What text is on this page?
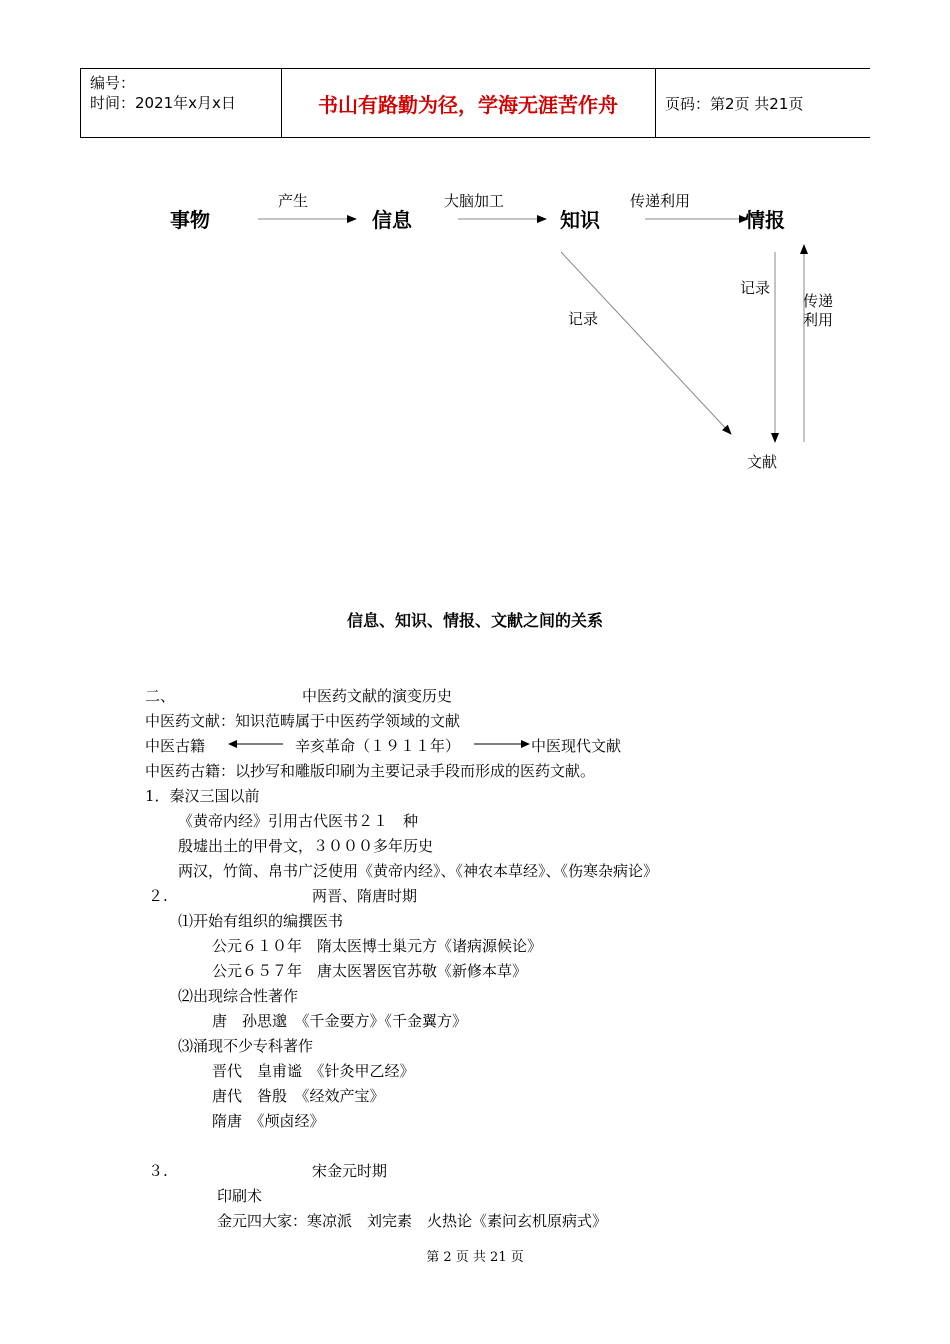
编号：
时间：2021年x月x日	书山有路勤为径，学海无涯苦作舟	页码：第2页 共21页
事物	信息	知识	情报
文献
产生	大脑加工	传递利用
记录
记录
传递
利用
信息、知识、情报、文献之间的关系
二、	中医药文献的演变历史
中医药文献：知识范畴属于中医药学领域的文献
中医古籍	辛亥革命（１９１１年）	中医现代文献
中医药古籍：以抄写和雕版印刷为主要记录手段而形成的医药文献。
1．秦汉三国以前
《黄帝内经》引用古代医书２１　种
殷墟出土的甲骨文，３０００多年历史
两汉，竹简、帛书广泛使用《黄帝内经》、《神农本草经》、《伤寒杂病论》
２.	两晋、隋唐时期
⑴开始有组织的编撰医书
公元６１０年　隋太医博士巢元方《诸病源候论》
公元６５７年　唐太医署医官苏敬《新修本草》
⑵出现综合性著作
唐　孙思邈　《千金要方》《千金翼方》
⑶涌现不少专科著作
晋代　皇甫谧　《针灸甲乙经》
唐代　昝殷　《经效产宝》
隋唐　《颅卤经》
３.	宋金元时期
印刷术
金元四大家：寒凉派　刘完素　火热论《素问玄机原病式》
第 2 页 共 21 页
